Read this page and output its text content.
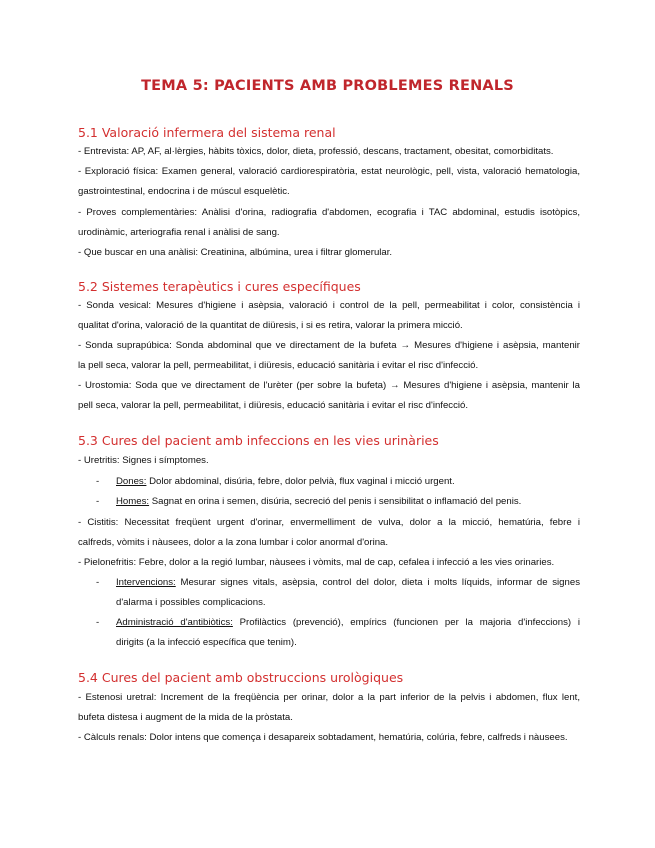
TEMA 5: PACIENTS AMB PROBLEMES RENALS
5.1 Valoració infermera del sistema renal

- Entrevista: AP, AF, al·lèrgies, hàbits tòxics, dolor, dieta, professió, descans, tractament, obesitat, comorbiditats.

- Exploració física: Examen general, valoració cardiorespiratòria, estat neurològic, pell, vista, valoració hematologia,

gastrointestinal, endocrina i de múscul esquelètic.

- Proves complementàries: Anàlisi d'orina, radiografia d'abdomen, ecografia i TAC abdominal, estudis isotòpics,

urodinàmic, arteriografia renal i anàlisi de sang.

- Que buscar en una anàlisi: Creatinina, albúmina, urea i filtrar glomerular.

5.2 Sistemes terapèutics i cures específiques

- Sonda vesical: Mesures d'higiene i asèpsia, valoració i control de la pell, permeabilitat i color, consistència i

qualitat d'orina, valoració de la quantitat de diüresis, i si es retira, valorar la primera micció.

- Sonda suprapúbica: Sonda abdominal que ve directament de la bufeta → Mesures d'higiene i asèpsia, mantenir

la pell seca, valorar la pell, permeabilitat, i diüresis, educació sanitària i evitar el risc d'infecció.

- Urostomia: Soda que ve directament de l'urèter (per sobre la bufeta) → Mesures d'higiene i asèpsia, mantenir la

pell seca, valorar la pell, permeabilitat, i diüresis, educació sanitària i evitar el risc d'infecció.

5.3 Cures del pacient amb infeccions en les vies urinàries

- Uretritis: Signes i símptomes.

- Dones: Dolor abdominal, disúria, febre, dolor pelvià, flux vaginal i micció urgent.

- Homes: Sagnat en orina i semen, disúria, secreció del penis i sensibilitat o inflamació del penis.

- Cistitis: Necessitat freqüent urgent d'orinar, envermelliment de vulva, dolor a la micció, hematúria, febre i

calfreds, vòmits i nàusees, dolor a la zona lumbar i color anormal d'orina.

- Pielonefritis: Febre, dolor a la regió lumbar, nàusees i vòmits, mal de cap, cefalea i infecció a les vies orinaries.

- Intervencions: Mesurar signes vitals, asèpsia, control del dolor, dieta i molts líquids, informar de signes

d'alarma i possibles complicacions.

- Administració d'antibiòtics: Profilàctics (prevenció), empírics (funcionen per la majoria d'infeccions) i

dirigits (a la infecció específica que tenim).

5.4 Cures del pacient amb obstruccions urològiques

- Estenosi uretral: Increment de la freqüència per orinar, dolor a la part inferior de la pelvis i abdomen, flux lent,

bufeta distesa i augment de la mida de la pròstata.

- Càlculs renals: Dolor intens que comença i desapareix sobtadament, hematúria, colúria, febre, calfreds i nàusees.
